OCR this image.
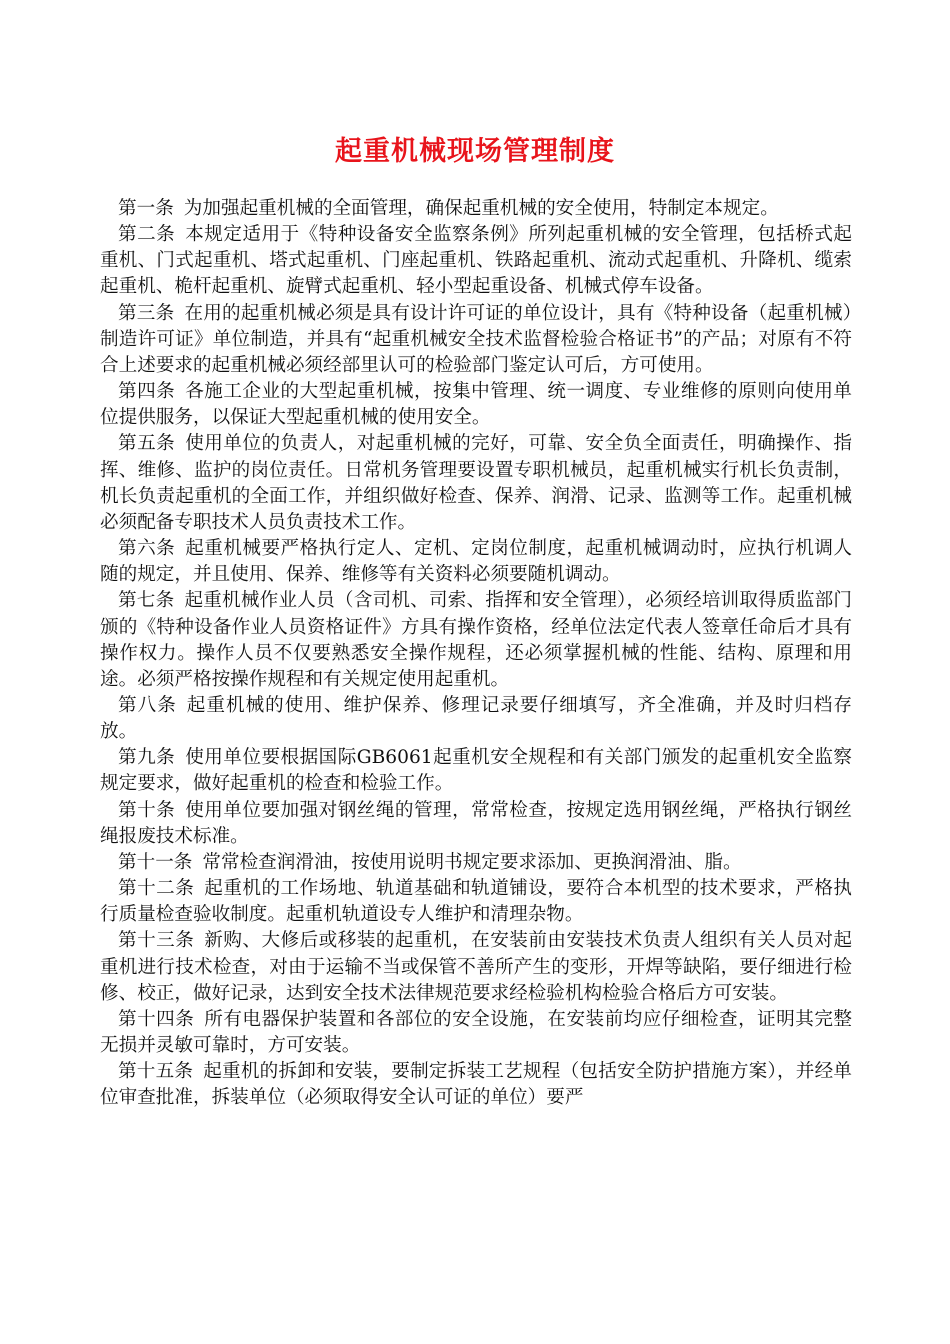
起重机械现场管理制度

第一条 为加强起重机械的全面管理，确保起重机械的安全使用，特制定本规定。

第二条 本规定适用于《特种设备安全监察条例》所列起重机械的安全管理，包括桥式起重机、门式起重机、塔式起重机、门座起重机、铁路起重机、流动式起重机、升降机、缆索起重机、桅杆起重机、旋臂式起重机、轻小型起重设备、机械式停车设备。

第三条 在用的起重机械必须是具有设计许可证的单位设计，具有《特种设备（起重机械）制造许可证》单位制造，并具有“起重机械安全技术监督检验合格证书”的产品；对原有不符合上述要求的起重机械必须经部里认可的检验部门鉴定认可后，方可使用。

第四条 各施工企业的大型起重机械，按集中管理、统一调度、专业维修的原则向使用单位提供服务，以保证大型起重机械的使用安全。

第五条 使用单位的负责人，对起重机械的完好，可靠、安全负全面责任，明确操作、指挥、维修、监护的岗位责任。日常机务管理要设置专职机械员，起重机械实行机长负责制，机长负责起重机的全面工作，并组织做好检查、保养、润滑、记录、监测等工作。起重机械必须配备专职技术人员负责技术工作。

第六条 起重机械要严格执行定人、定机、定岗位制度，起重机械调动时，应执行机调人随的规定，并且使用、保养、维修等有关资料必须要随机调动。

第七条 起重机械作业人员（含司机、司索、指挥和安全管理），必须经培训取得质监部门颁的《特种设备作业人员资格证件》方具有操作资格，经单位法定代表人签章任命后才具有操作权力。操作人员不仅要熟悉安全操作规程，还必须掌握机械的性能、结构、原理和用途。必须严格按操作规程和有关规定使用起重机。

第八条 起重机械的使用、维护保养、修理记录要仔细填写，齐全准确，并及时归档存放。

第九条 使用单位要根据国际GB6061起重机安全规程和有关部门颁发的起重机安全监察规定要求，做好起重机的检查和检验工作。

第十条 使用单位要加强对钢丝绳的管理，常常检查，按规定选用钢丝绳，严格执行钢丝绳报废技术标准。

第十一条 常常检查润滑油，按使用说明书规定要求添加、更换润滑油、脂。

第十二条 起重机的工作场地、轨道基础和轨道铺设，要符合本机型的技术要求，严格执行质量检查验收制度。起重机轨道设专人维护和清理杂物。

第十三条 新购、大修后或移装的起重机，在安装前由安装技术负责人组织有关人员对起重机进行技术检查，对由于运输不当或保管不善所产生的变形，开焊等缺陷，要仔细进行检修、校正，做好记录，达到安全技术法律规范要求经检验机构检验合格后方可安装。

第十四条 所有电器保护装置和各部位的安全设施，在安装前均应仔细检查，证明其完整无损并灵敏可靠时，方可安装。

第十五条 起重机的拆卸和安装，要制定拆装工艺规程（包括安全防护措施方案），并经单位审查批准，拆装单位（必须取得安全认可证的单位）要严
